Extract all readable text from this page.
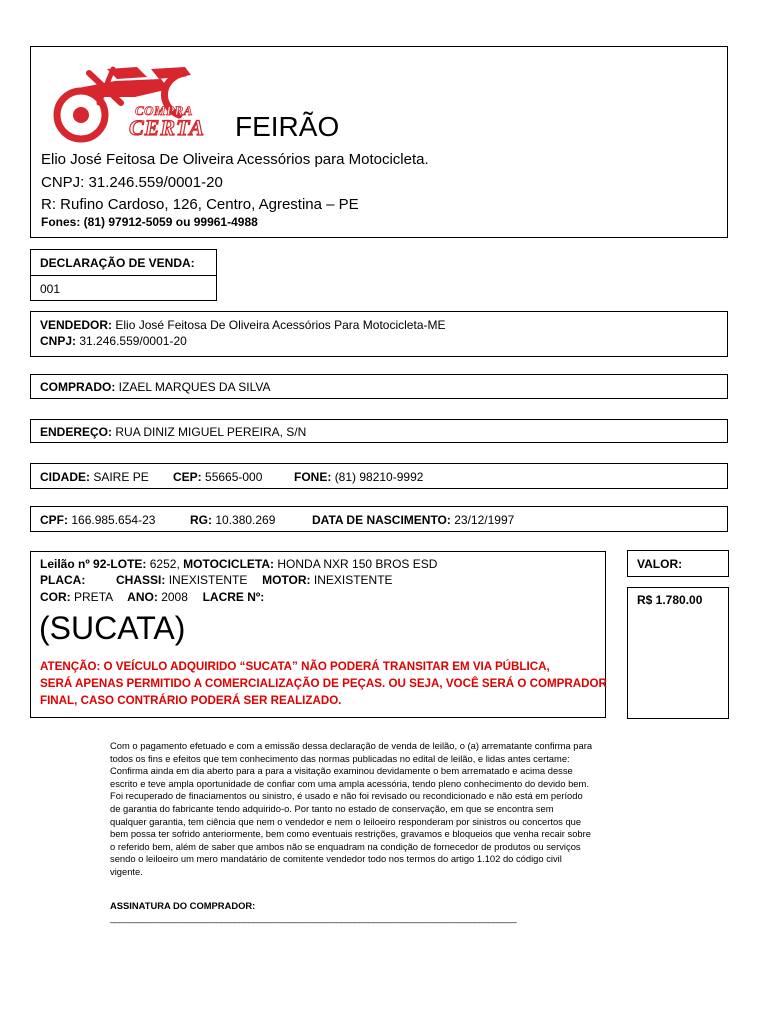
COMPRA
CERTA FEIRÃO
Elio José Feitosa De Oliveira Acessórios para Motocicleta.
CNPJ: 31.246.559/0001-20
R: Rufino Cardoso, 126, Centro, Agrestina – PE
Fones: (81) 97912-5059 ou 99961-4988
DECLARAÇÃO DE VENDA:
001
VENDEDOR: Elio José Feitosa De Oliveira Acessórios Para Motocicleta-ME
CNPJ: 31.246.559/0001-20
COMPRADO: IZAEL MARQUES DA SILVA
ENDEREÇO: RUA DINIZ MIGUEL PEREIRA, S/N
CIDADE: SAIRE PE CEP: 55665-000	FONE: (81) 98210-9992
CPF: 166.985.654-23	RG: 10.380.269	DATA DE NASCIMENTO: 23/12/1997
Leilão nº 92-LOTE: 6252, MOTOCICLETA: HONDA NXR 150 BROS ESD
PLACA:	CHASSI: INEXISTENTE MOTOR: INEXISTENTE
COR: PRETA ANO: 2008 LACRE Nº:
(SUCATA)
ATENÇÃO: O VEÍCULO ADQUIRIDO “SUCATA” NÃO PODERÁ TRANSITAR EM VIA PÚBLICA,
SERÁ APENAS PERMITIDO A COMERCIALIZAÇÃO DE PEÇAS. OU SEJA, VOCÊ SERÁ O COMPRADOR
FINAL, CASO CONTRÁRIO PODERÁ SER REALIZADO.
VALOR:
R$ 1.780.00

Com o pagamento efetuado e com a emissão dessa declaração de venda de leilão, o (a) arrematante confirma para

todos os fins e efeitos que tem conhecimento das normas publicadas no edital de leilão, e lidas antes certame:

Confirma ainda em dia aberto para a para a visitação examinou devidamente o bem arrematado e acima desse

escrito e teve ampla oportunidade de confiar com uma ampla acessória, tendo pleno conhecimento do devido bem.

Foi recuperado de finaciamentos ou sinistro, é usado e não foi revisado ou recondicionado e não está em período

de garantia do fabricante tendo adquirido-o. Por tanto no estado de conservação, em que se encontra sem

qualquer garantia, tem ciência que nem o vendedor e nem o leiloeiro responderam por sinistros ou concertos que

bem possa ter sofrido anteriormente, bem como eventuais restrições, gravamos e bloqueios que venha recair sobre

o referido bem, além de saber que ambos não se enquadram na condição de fornecedor de produtos ou serviços

sendo o leiloeiro um mero mandatário de comitente vendedor todo nos termos do artigo 1.102 do código civil

vigente.

ASSINATURA DO COMPRADOR:
________________________________________________________________________________________
